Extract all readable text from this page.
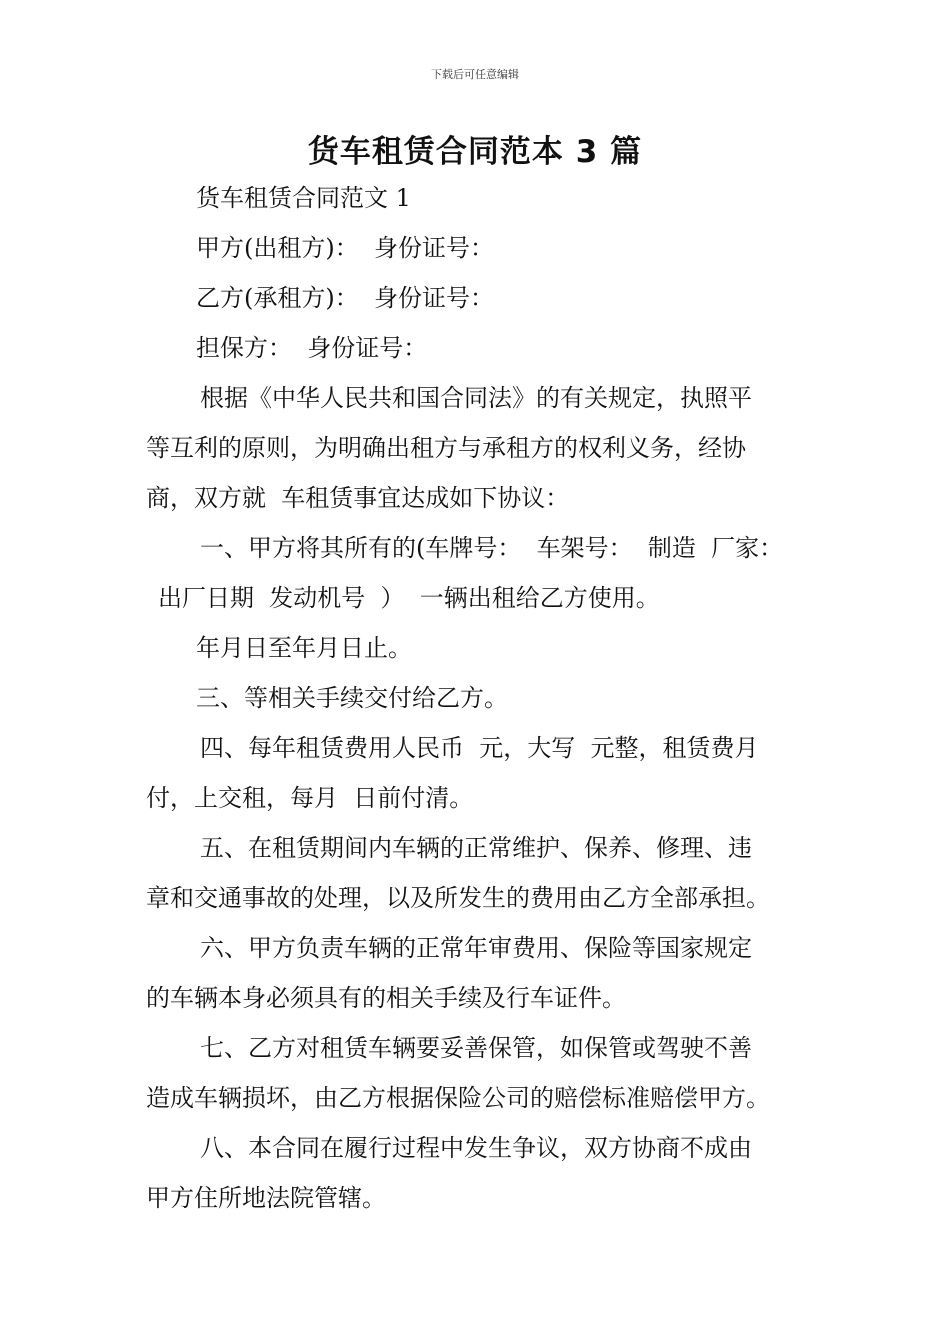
下载后可任意编辑
货车租赁合同范本 3 篇
货车租赁合同范文 1
甲方(出租方)：  身份证号：
乙方(承租方)：  身份证号：
担保方：  身份证号：
根据《中华人民共和国合同法》的有关规定，执照平
等互利的原则，为明确出租方与承租方的权利义务，经协
商，双方就  车租赁事宜达成如下协议：
一、甲方将其所有的(车牌号：  车架号：  制造  厂家：
出厂日期  发动机号  ）  一辆出租给乙方使用。
年月日至年月日止。
三、等相关手续交付给乙方。
四、每年租赁费用人民币  元，大写  元整，租赁费月
付，上交租，每月  日前付清。
五、在租赁期间内车辆的正常维护、保养、修理、违
章和交通事故的处理，以及所发生的费用由乙方全部承担。
六、甲方负责车辆的正常年审费用、保险等国家规定
的车辆本身必须具有的相关手续及行车证件。
七、乙方对租赁车辆要妥善保管，如保管或驾驶不善
造成车辆损坏，由乙方根据保险公司的赔偿标准赔偿甲方。
八、本合同在履行过程中发生争议，双方协商不成由
甲方住所地法院管辖。
